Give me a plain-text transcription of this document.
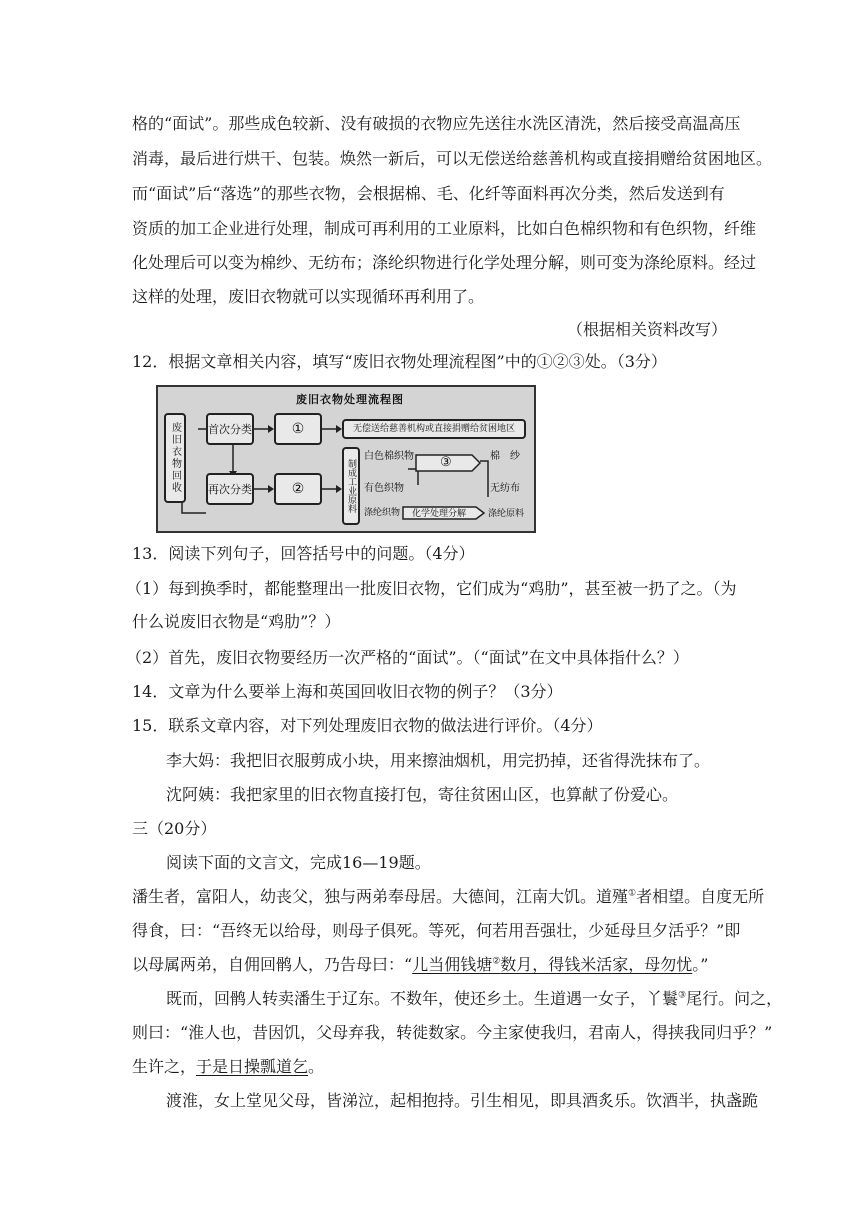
格的“面试”。那些成色较新、没有破损的衣物应先送往水洗区清洗，然后接受高温高压
消毒，最后进行烘干、包装。焕然一新后，可以无偿送给慈善机构或直接捐赠给贫困地区。
而“面试”后“落选”的那些衣物，会根据棉、毛、化纤等面料再次分类，然后发送到有
资质的加工企业进行处理，制成可再利用的工业原料，比如白色棉织物和有色织物，纤维
化处理后可以变为棉纱、无纺布；涤纶织物进行化学处理分解，则可变为涤纶原料。经过
这样的处理，废旧衣物就可以实现循环再利用了。
（根据相关资料改写）
12．根据文章相关内容，填写“废旧衣物处理流程图”中的①②③处。（3分）
废旧衣物处理流程图
废旧衣物回收	首次分类
再次分类
①
②
无偿送给慈善机构或直接捐赠给贫困地区
制成工业原料
白色棉织物
有色织物
涤纶织物
③
化学处理分解
棉　纱
无纺布
涤纶原料
13．阅读下列句子，回答括号中的问题。（4分）
（1）每到换季时，都能整理出一批废旧衣物，它们成为“鸡肋”，甚至被一扔了之。（为
什么说废旧衣物是“鸡肋”？）
（2）首先，废旧衣物要经历一次严格的“面试”。（“面试”在文中具体指什么？）
14．文章为什么要举上海和英国回收旧衣物的例子？（3分）
15．联系文章内容，对下列处理废旧衣物的做法进行评价。（4分）
李大妈：我把旧衣服剪成小块，用来擦油烟机，用完扔掉，还省得洗抹布了。
沈阿姨：我把家里的旧衣物直接打包，寄往贫困山区，也算献了份爱心。
三（20分）
阅读下面的文言文，完成16—19题。
潘生者，富阳人，幼丧父，独与两弟奉母居。大德间，江南大饥。道殣①者相望。自度无所
得食，曰：“吾终无以给母，则母子俱死。等死，何若用吾强壮，少延母旦夕活乎？”即
以母属两弟，自佣回鹘人，乃告母曰：“儿当佣钱塘②数月，得钱米活家，母勿忧。”
既而，回鹘人转卖潘生于辽东。不数年，使还乡土。生道遇一女子，丫鬟③尾行。问之，
则曰：“淮人也，昔因饥，父母弃我，转徙数家。今主家使我归，君南人，得挟我同归乎？”
生许之，于是日操瓢道乞。
渡淮，女上堂见父母，皆涕泣，起相抱持。引生相见，即具酒炙乐。饮酒半，执盏跪
